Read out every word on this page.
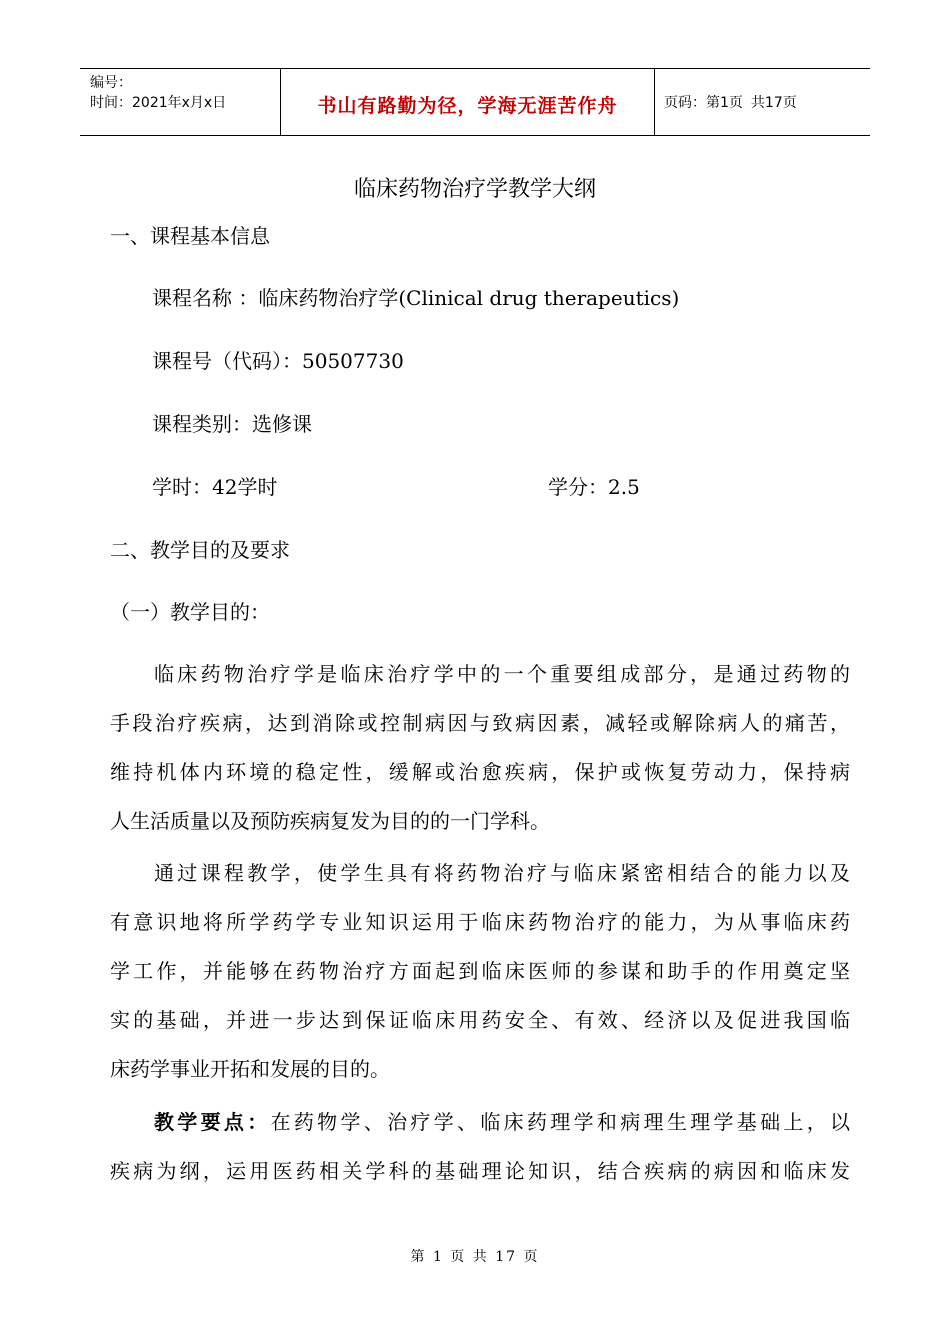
编号：
时间：2021年x月x日	书山有路勤为径，学海无涯苦作舟	页码：第1页 共17页
临床药物治疗学教学大纲
一、课程基本信息
课程名称 ：临床药物治疗学(Clinical drug therapeutics)
课程号（代码）：50507730
课程类别：选修课
学时：42学时	学分：2.5
二、教学目的及要求
（一）教学目的：
临床药物治疗学是临床治疗学中的一个重要组成部分，是通过药物的
手段治疗疾病，达到消除或控制病因与致病因素，减轻或解除病人的痛苦，
维持机体内环境的稳定性，缓解或治愈疾病，保护或恢复劳动力，保持病
人生活质量以及预防疾病复发为目的的一门学科。
通过课程教学，使学生具有将药物治疗与临床紧密相结合的能力以及
有意识地将所学药学专业知识运用于临床药物治疗的能力，为从事临床药
学工作，并能够在药物治疗方面起到临床医师的参谋和助手的作用奠定坚
实的基础，并进一步达到保证临床用药安全、有效、经济以及促进我国临
床药学事业开拓和发展的目的。
教学要点：在药物学、治疗学、临床药理学和病理生理学基础上，以
疾病为纲，运用医药相关学科的基础理论知识，结合疾病的病因和临床发
第 1 页 共 17 页
